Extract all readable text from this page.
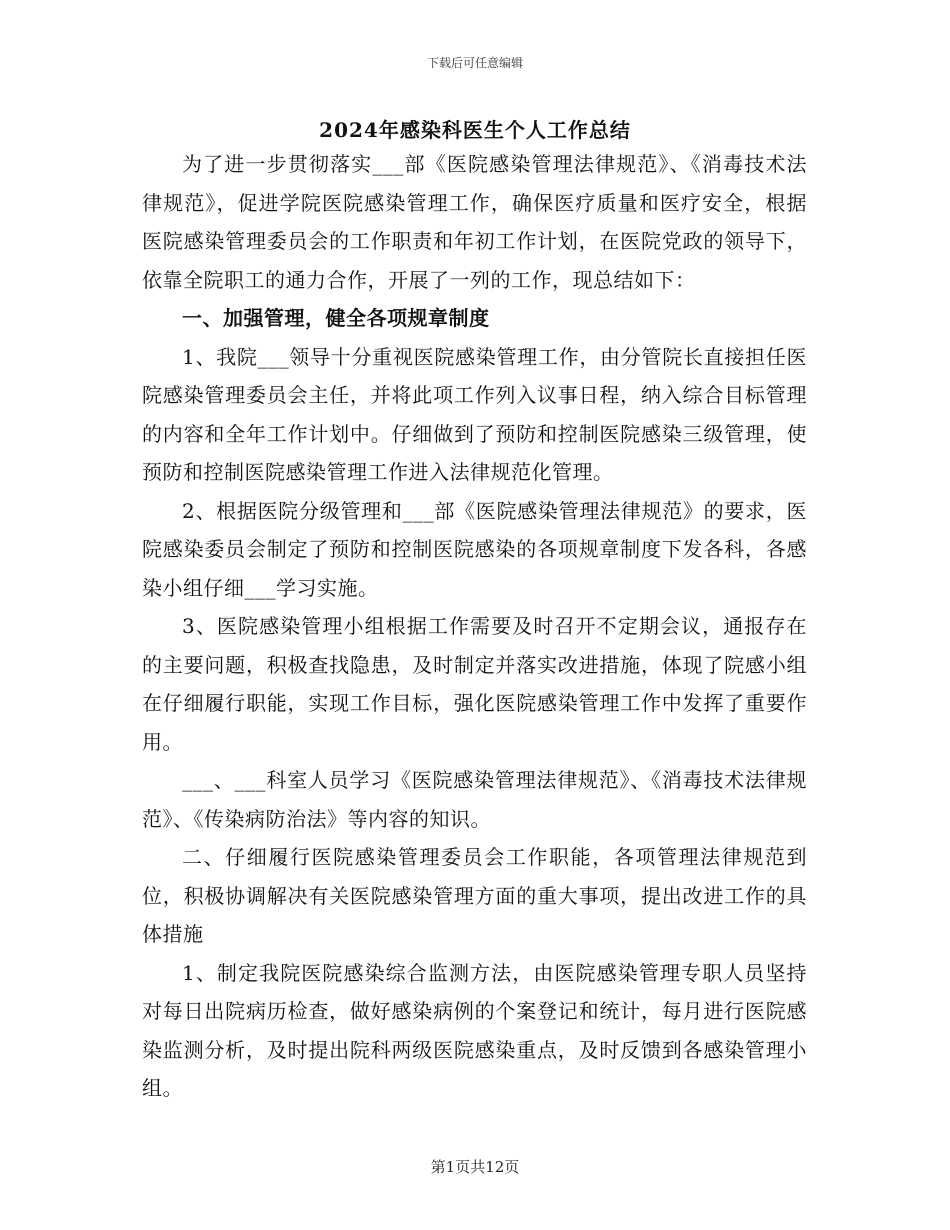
下载后可任意编辑
2024年感染科医生个人工作总结

为了进一步贯彻落实___部《医院感染管理法律规范》、《消毒技术法律规范》，促进学院医院感染管理工作，确保医疗质量和医疗安全，根据医院感染管理委员会的工作职责和年初工作计划，在医院党政的领导下，依靠全院职工的通力合作，开展了一列的工作，现总结如下：

一、加强管理，健全各项规章制度

1、我院___领导十分重视医院感染管理工作，由分管院长直接担任医院感染管理委员会主任，并将此项工作列入议事日程，纳入综合目标管理的内容和全年工作计划中。仔细做到了预防和控制医院感染三级管理，使预防和控制医院感染管理工作进入法律规范化管理。

2、根据医院分级管理和___部《医院感染管理法律规范》的要求，医院感染委员会制定了预防和控制医院感染的各项规章制度下发各科，各感染小组仔细___学习实施。

3、医院感染管理小组根据工作需要及时召开不定期会议，通报存在的主要问题，积极查找隐患，及时制定并落实改进措施，体现了院感小组在仔细履行职能，实现工作目标，强化医院感染管理工作中发挥了重要作用。

___、___科室人员学习《医院感染管理法律规范》、《消毒技术法律规范》、《传染病防治法》等内容的知识。

二、仔细履行医院感染管理委员会工作职能，各项管理法律规范到位，积极协调解决有关医院感染管理方面的重大事项，提出改进工作的具体措施

1、制定我院医院感染综合监测方法，由医院感染管理专职人员坚持对每日出院病历检查，做好感染病例的个案登记和统计，每月进行医院感染监测分析，及时提出院科两级医院感染重点，及时反馈到各感染管理小组。

第1页共12页
